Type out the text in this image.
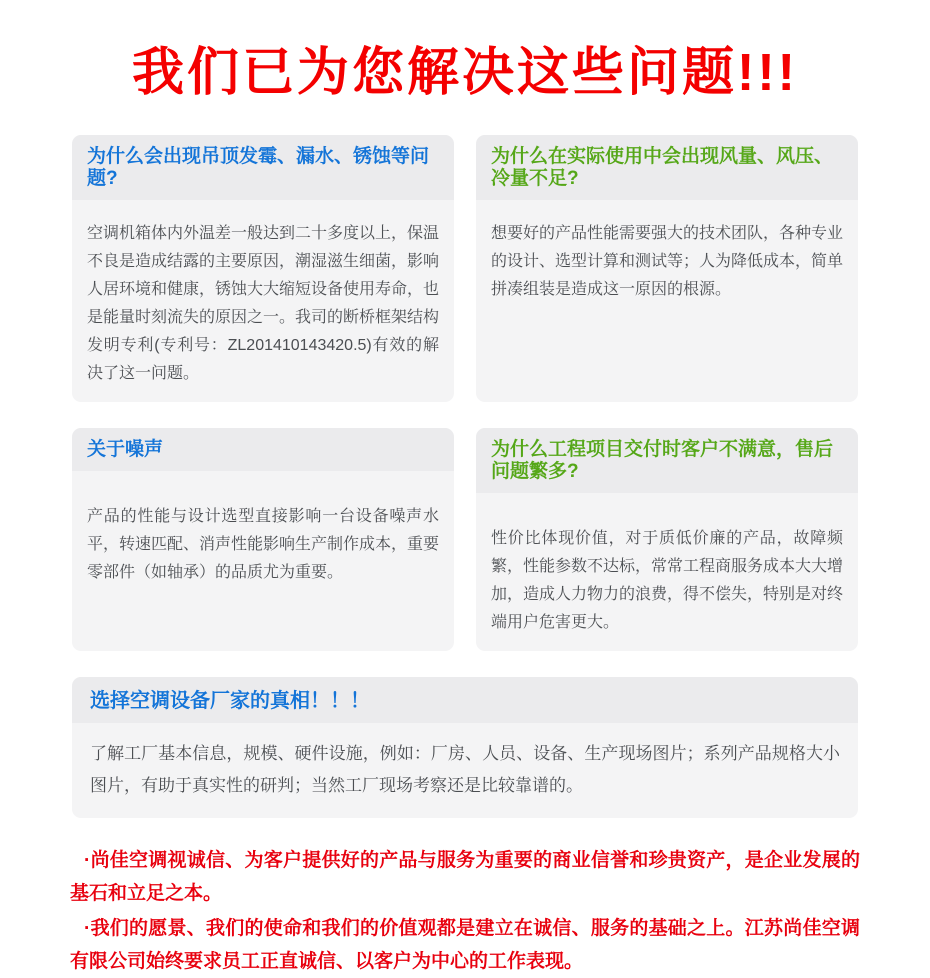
我们已为您解决这些问题!!!
为什么会出现吊顶发霉、漏水、锈蚀等问题?
空调机箱体内外温差一般达到二十多度以上，保温不良是造成结露的主要原因，潮湿滋生细菌，影响人居环境和健康，锈蚀大大缩短设备使用寿命，也是能量时刻流失的原因之一。我司的断桥框架结构发明专利(专利号：ZL201410143420.5)有效的解决了这一问题。
为什么在实际使用中会出现风量、风压、冷量不足?
想要好的产品性能需要强大的技术团队，各种专业的设计、选型计算和测试等；人为降低成本，简单拼凑组装是造成这一原因的根源。
关于噪声
产品的性能与设计选型直接影响一台设备噪声水平，转速匹配、消声性能影响生产制作成本，重要零部件（如轴承）的品质尤为重要。
为什么工程项目交付时客户不满意，售后问题繁多?
性价比体现价值，对于质低价廉的产品，故障频繁，性能参数不达标，常常工程商服务成本大大增加，造成人力物力的浪费，得不偿失，特别是对终端用户危害更大。
选择空调设备厂家的真相！！！
了解工厂基本信息，规模、硬件设施，例如：厂房、人员、设备、生产现场图片；系列产品规格大小图片，有助于真实性的研判；当然工厂现场考察还是比较靠谱的。

·尚佳空调视诚信、为客户提供好的产品与服务为重要的商业信誉和珍贵资产，是企业发展的基石和立足之本。

·我们的愿景、我们的使命和我们的价值观都是建立在诚信、服务的基础之上。江苏尚佳空调有限公司始终要求员工正直诚信、以客户为中心的工作表现。
